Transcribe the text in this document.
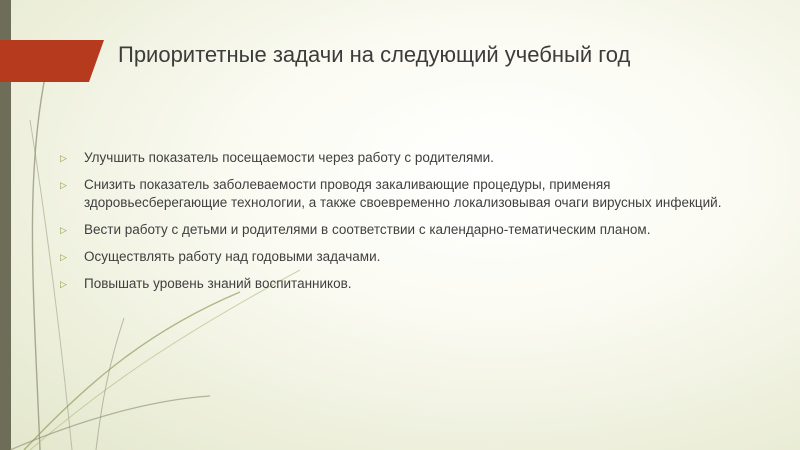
Приоритетные задачи на следующий учебный год
▷	Улучшить показатель посещаемости через работу с родителями.
▷	Снизить показатель заболеваемости проводя закаливающие процедуры, применяя здоровьесберегающие технологии, а также своевременно локализовывая очаги вирусных инфекций.
▷	Вести работу с детьми и родителями в соответствии с календарно-тематическим планом.
▷	Осуществлять работу над годовыми задачами.
▷	Повышать уровень знаний воспитанников.
